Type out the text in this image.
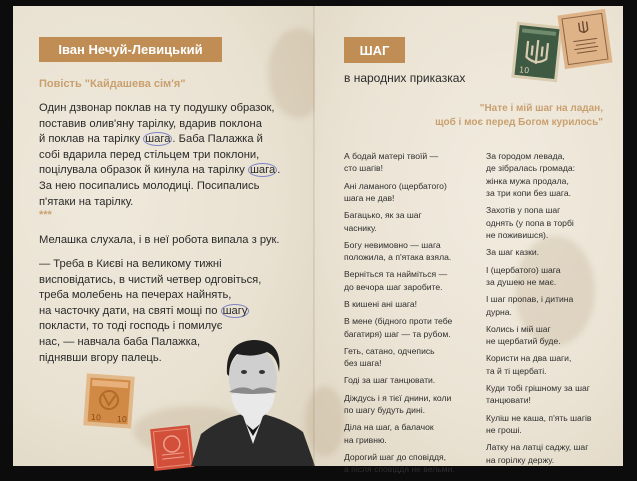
Іван Нечуй-Левицький
Повість "Кайдашева сім'я"
Один дзвонар поклав на ту подушку образок,
поставив олив'яну тарілку, вдарив поклона
й поклав на тарілку шага . Баба Палажка й
собі вдарила перед стільцем три поклони,
поцілувала образок й кинула на тарілку шага .
За нею посипались молодиці. Посипались
п'ятаки на тарілку.
***
Мелашка слухала, і в неї робота випала з рук.
— Треба в Києві на великому тижні
висповідатись, в чистий четвер одговіться,
треба молебень на печерах найнять,
на часточку дати, на святі мощі по шагу
покласти, то тоді господь і помилує
нас, — навчала баба Палажка,
піднявши вгору палець.
10 10
ШАГ
в народних приказках
"Нате і мій шаг на ладан,
щоб і моє перед Богом курилось"
А бодай матері твоїй —
сто шагів!
Ані ламаного (щербатого)
шага не дав!
Багацько, як за шаг
часнику.
Богу невимовно — шага
положила, а п'ятака взяла.
Верніться та найміться —
до вечора шаг заробите.
В кишені ані шага!
В мене (бідного проти тебе
багатиря) шаг — та рубом.
Геть, сатано, одчепись
без шага!
Годі за шаг танцювати.
Діждусь і я тієї днини, коли
по шагу будуть дині.
Діла на шаг, а балачок
на гривню.
Дорогий шаг до сповіддя,
а після сповіддя не вельми.
За городом левада,
де зібралась громада:
жінка мужа продала,
за три копи без шага.
Захотів у попа шаг
однять (у попа в торбі
не поживишся).
За шаг казки.
І (щербатого) шага
за душею не має.
І шаг пропав, і дитина
дурна.
Колись і мій шаг
не щербатий буде.
Користи на два шаги,
та й ті щербаті.
Куди тобі грішному за шаг
танцювати!
Куліш не каша, п'ять шагів
не гроші.
Латку на латці саджу, шаг
на горілку держу.
10
